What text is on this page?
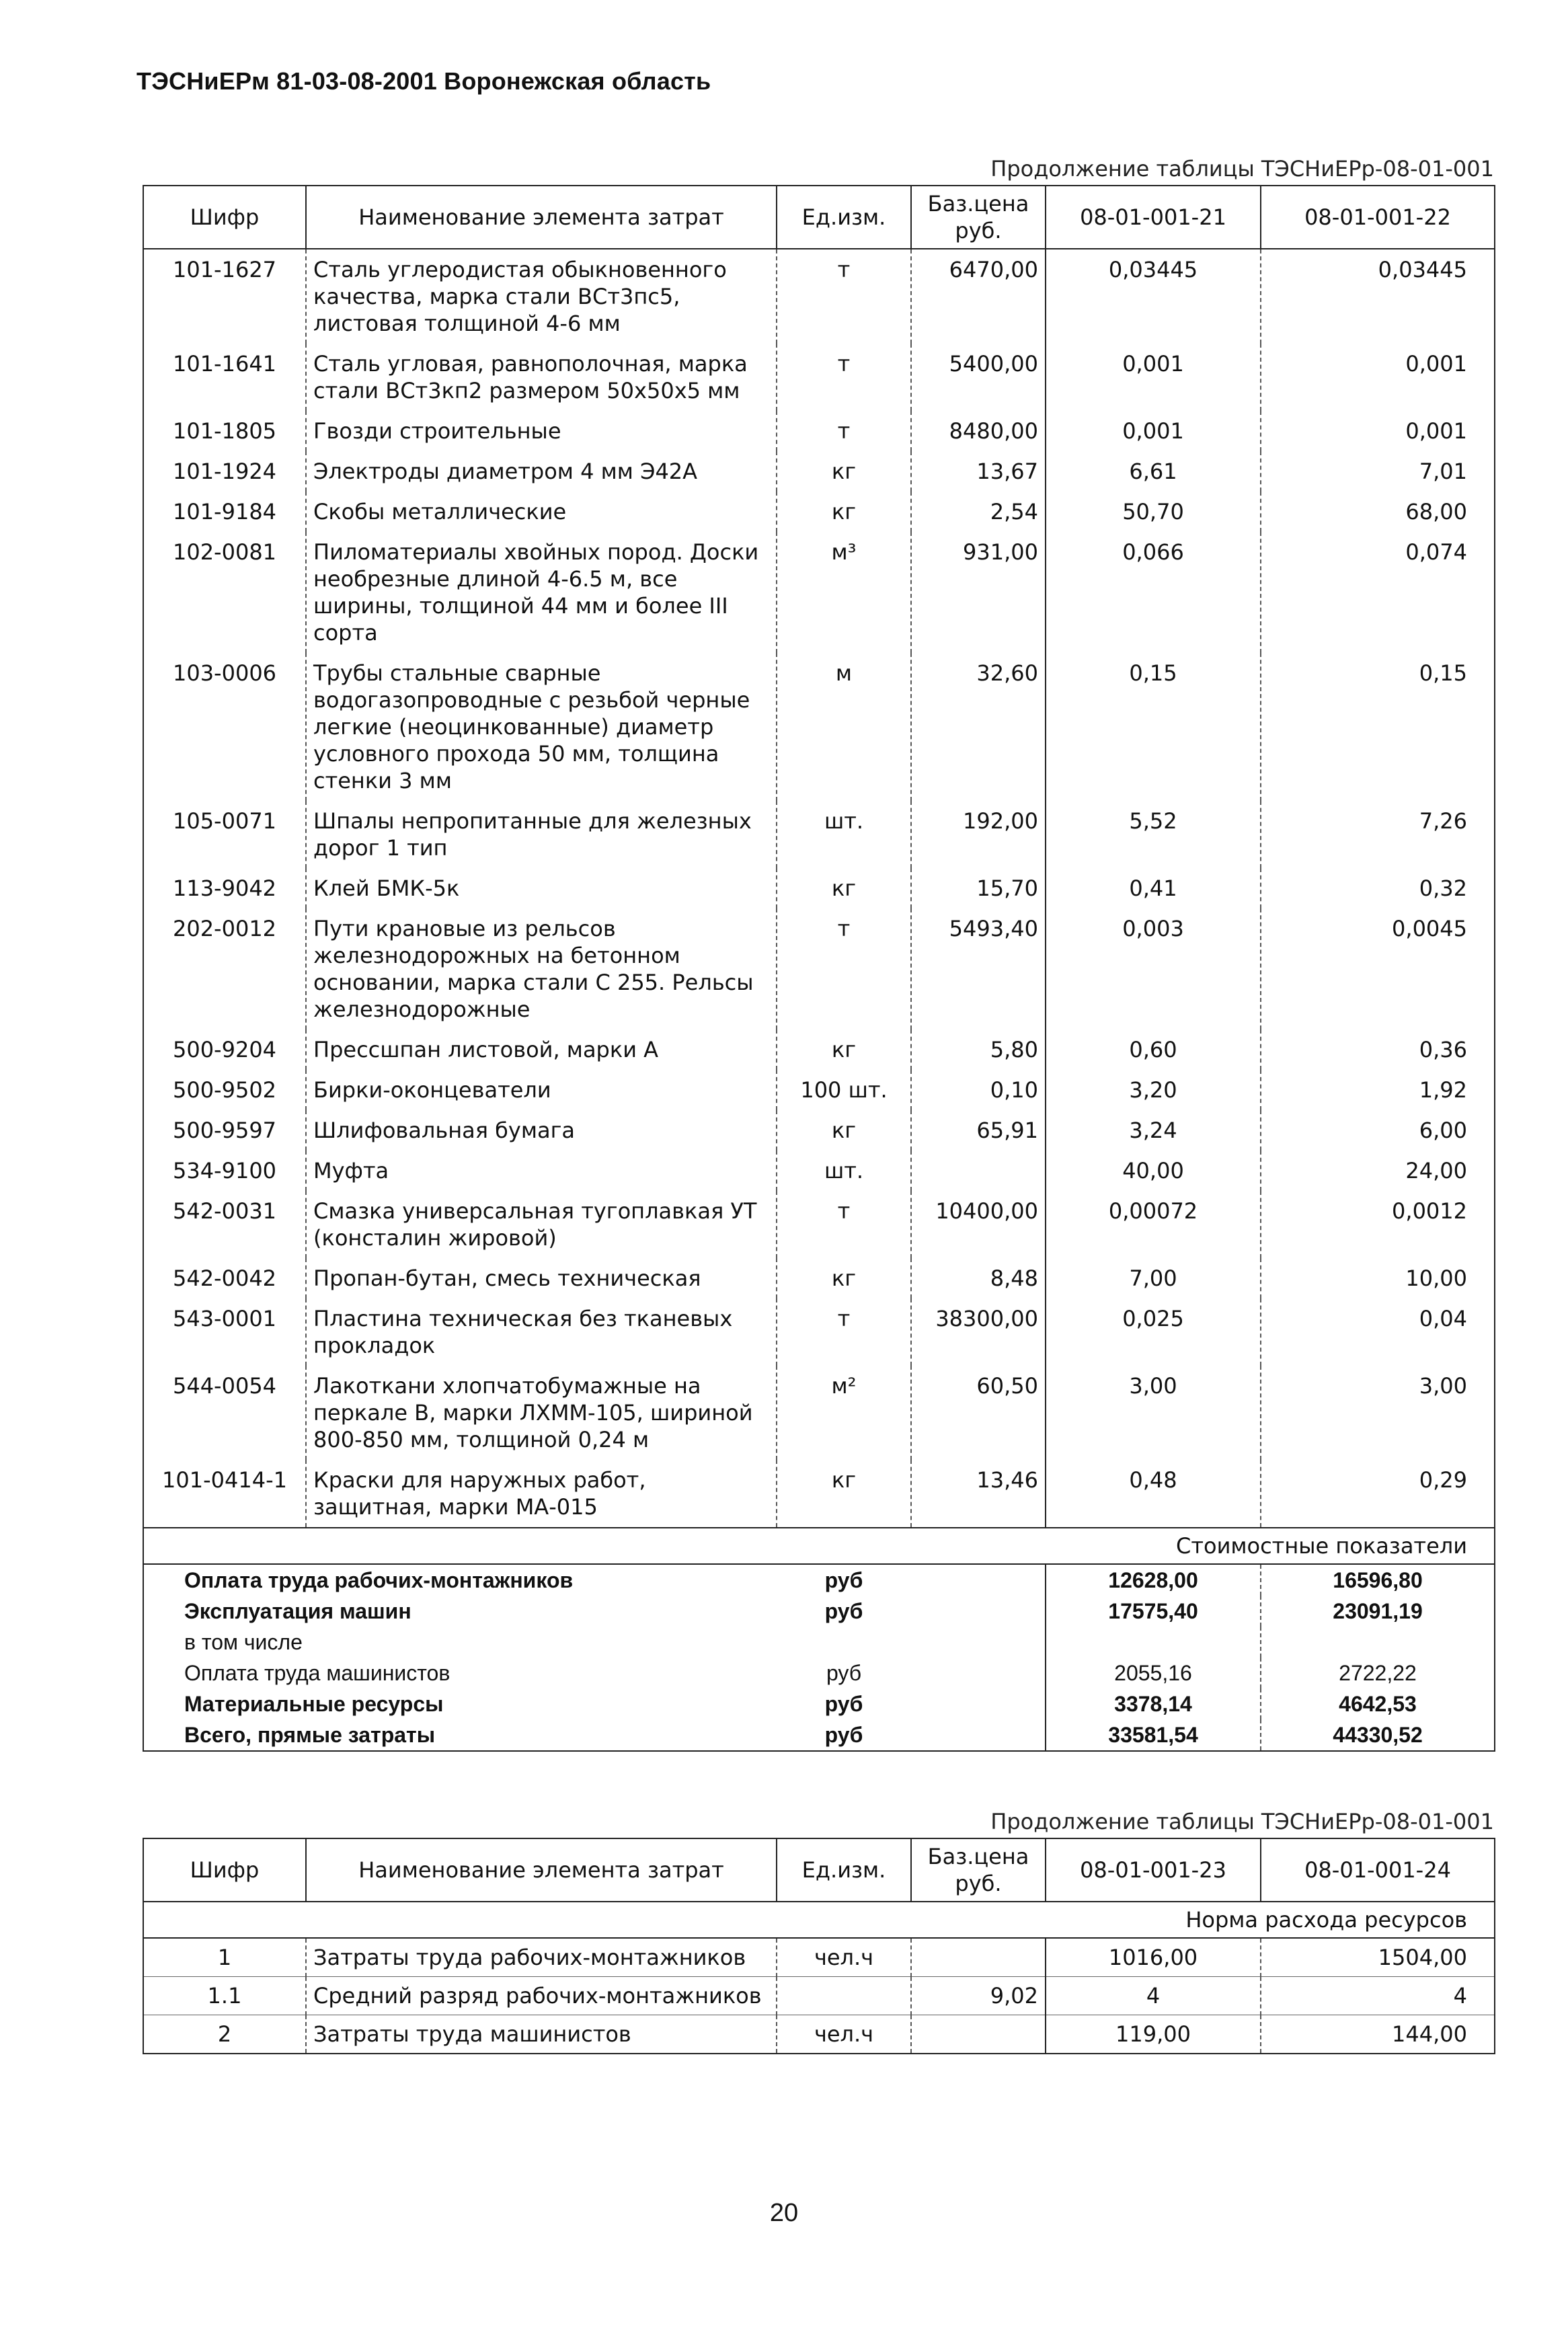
ТЭСНиЕРм 81-03-08-2001 Воронежская область
Продолжение таблицы ТЭСНиЕРр-08-01-001
Шифр	Наименование элемента затрат	Ед.изм.	Баз.цена руб.	08-01-001-21	08-01-001-22
101-1627	Сталь углеродистая обыкновенного качества, марка стали ВСт3пс5, листовая толщиной 4-6 мм	т	6470,00	0,03445	0,03445
101-1641	Сталь угловая, равнополочная, марка стали ВСт3кп2 размером 50х50х5 мм	т	5400,00	0,001	0,001
101-1805	Гвозди строительные	т	8480,00	0,001	0,001
101-1924	Электроды диаметром 4 мм Э42А	кг	13,67	6,61	7,01
101-9184	Скобы металлические	кг	2,54	50,70	68,00
102-0081	Пиломатериалы хвойных пород. Доски необрезные длиной 4-6.5 м, все ширины, толщиной 44 мм и более III сорта	м³	931,00	0,066	0,074
103-0006	Трубы стальные сварные водогазопроводные с резьбой черные легкие (неоцинкованные) диаметр условного прохода 50 мм, толщина стенки 3 мм	м	32,60	0,15	0,15
105-0071	Шпалы непропитанные для железных дорог 1 тип	шт.	192,00	5,52	7,26
113-9042	Клей БМК-5к	кг	15,70	0,41	0,32
202-0012	Пути крановые из рельсов железнодорожных на бетонном основании, марка стали С 255. Рельсы железнодорожные	т	5493,40	0,003	0,0045
500-9204	Прессшпан листовой, марки А	кг	5,80	0,60	0,36
500-9502	Бирки-оконцеватели	100 шт.	0,10	3,20	1,92
500-9597	Шлифовальная бумага	кг	65,91	3,24	6,00
534-9100	Муфта	шт.		40,00	24,00
542-0031	Смазка универсальная тугоплавкая УТ (консталин жировой)	т	10400,00	0,00072	0,0012
542-0042	Пропан-бутан, смесь техническая	кг	8,48	7,00	10,00
543-0001	Пластина техническая без тканевых прокладок	т	38300,00	0,025	0,04
544-0054	Лакоткани хлопчатобумажные на перкале В, марки ЛХММ-105, шириной 800-850 мм, толщиной 0,24 м	м²	60,50	3,00	3,00
101-0414-1	Краски для наружных работ, защитная, марки МА-015	кг	13,46	0,48	0,29
				Стоимостные показатели	
Оплата труда рабочих-монтажников		руб		12628,00	16596,80
Эксплуатация машин		руб		17575,40	23091,19
в том числе					
Оплата труда машинистов		руб		2055,16	2722,22
Материальные ресурсы		руб		3378,14	4642,53
Всего, прямые затраты		руб		33581,54	44330,52
Продолжение таблицы ТЭСНиЕРр-08-01-001
Шифр	Наименование элемента затрат	Ед.изм.	Баз.цена руб.	08-01-001-23	08-01-001-24
				Норма расхода ресурсов	
1	Затраты труда рабочих-монтажников	чел.ч		1016,00	1504,00
1.1	Средний разряд рабочих-монтажников		9,02	4	4
2	Затраты труда машинистов	чел.ч		119,00	144,00
20
